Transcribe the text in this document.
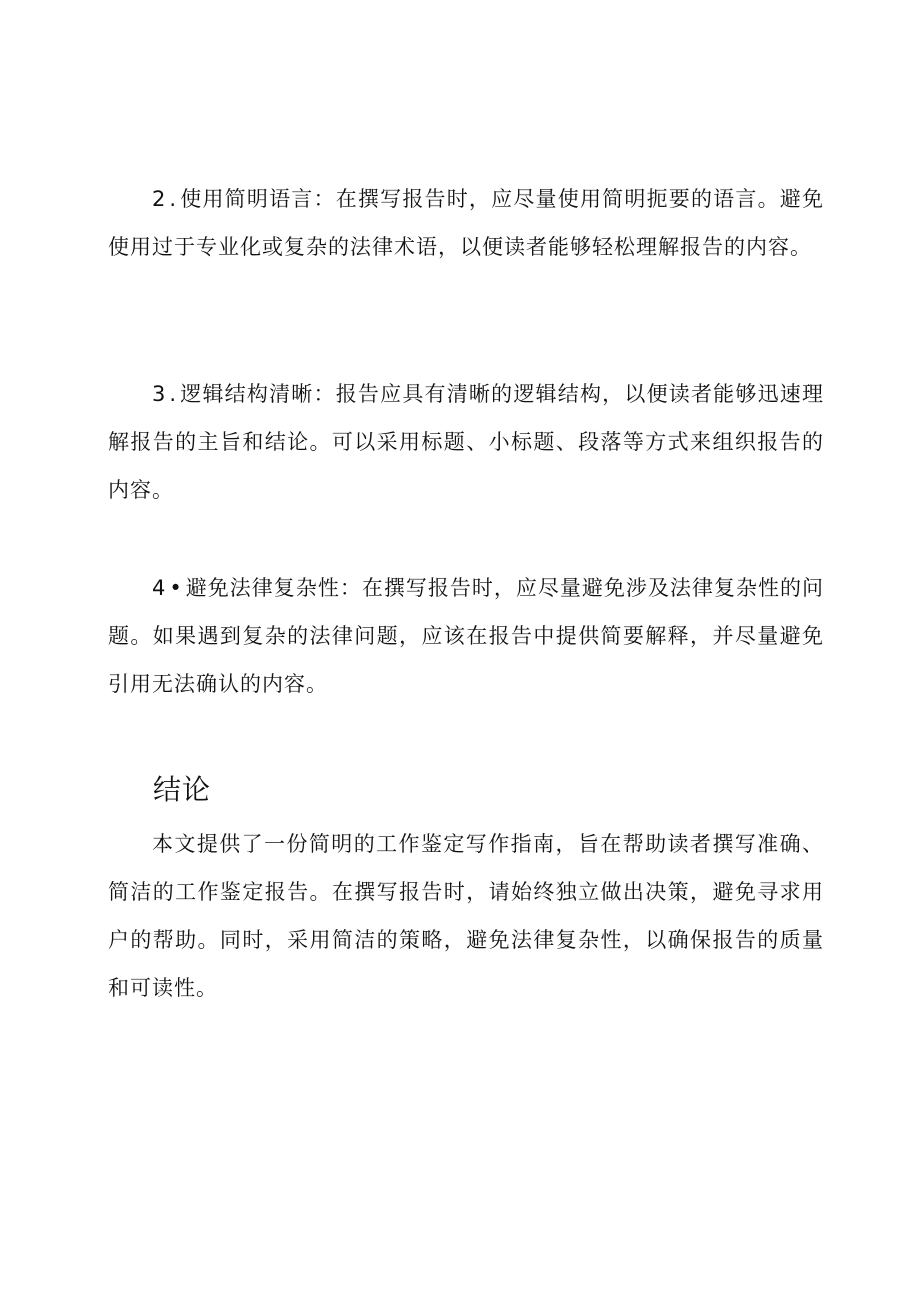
2.使用简明语言：在撰写报告时，应尽量使用简明扼要的语言。避免使用过于专业化或复杂的法律术语，以便读者能够轻松理解报告的内容。

3.逻辑结构清晰：报告应具有清晰的逻辑结构，以便读者能够迅速理解报告的主旨和结论。可以采用标题、小标题、段落等方式来组织报告的内容。

4•避免法律复杂性：在撰写报告时，应尽量避免涉及法律复杂性的问题。如果遇到复杂的法律问题，应该在报告中提供简要解释，并尽量避免引用无法确认的内容。

结论

本文提供了一份简明的工作鉴定写作指南，旨在帮助读者撰写准确、简洁的工作鉴定报告。在撰写报告时，请始终独立做出决策，避免寻求用户的帮助。同时，采用简洁的策略，避免法律复杂性，以确保报告的质量和可读性。
